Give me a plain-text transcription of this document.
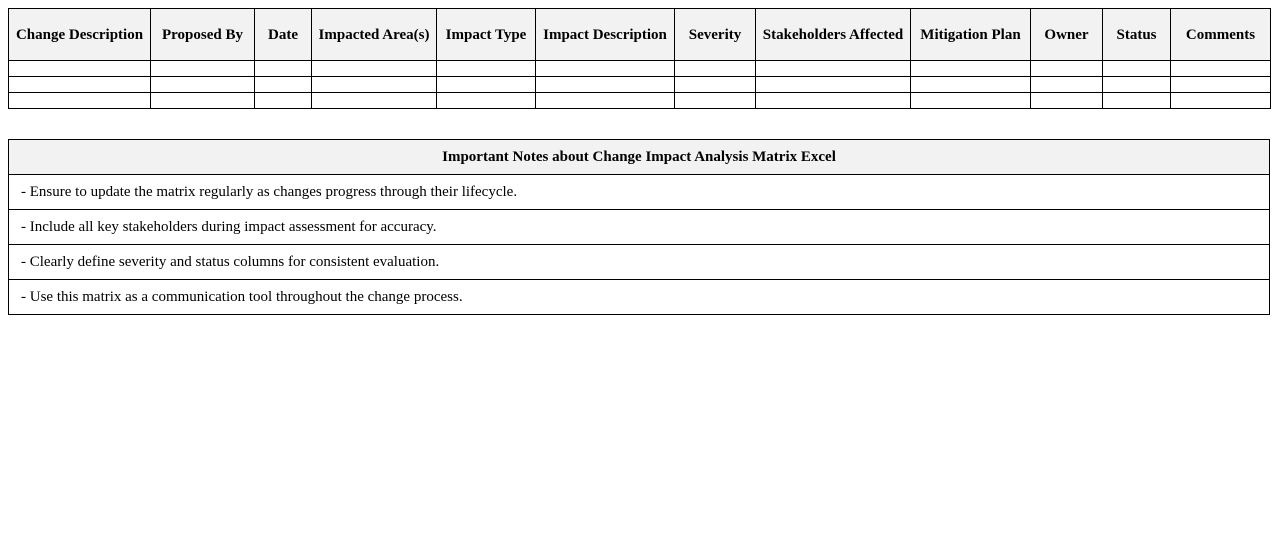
Change Description	Proposed By	Date	Impacted Area(s)	Impact Type	Impact Description	Severity	Stakeholders Affected	Mitigation Plan	Owner	Status	Comments

Important Notes about Change Impact Analysis Matrix Excel
- Ensure to update the matrix regularly as changes progress through their lifecycle.
- Include all key stakeholders during impact assessment for accuracy.
- Clearly define severity and status columns for consistent evaluation.
- Use this matrix as a communication tool throughout the change process.
